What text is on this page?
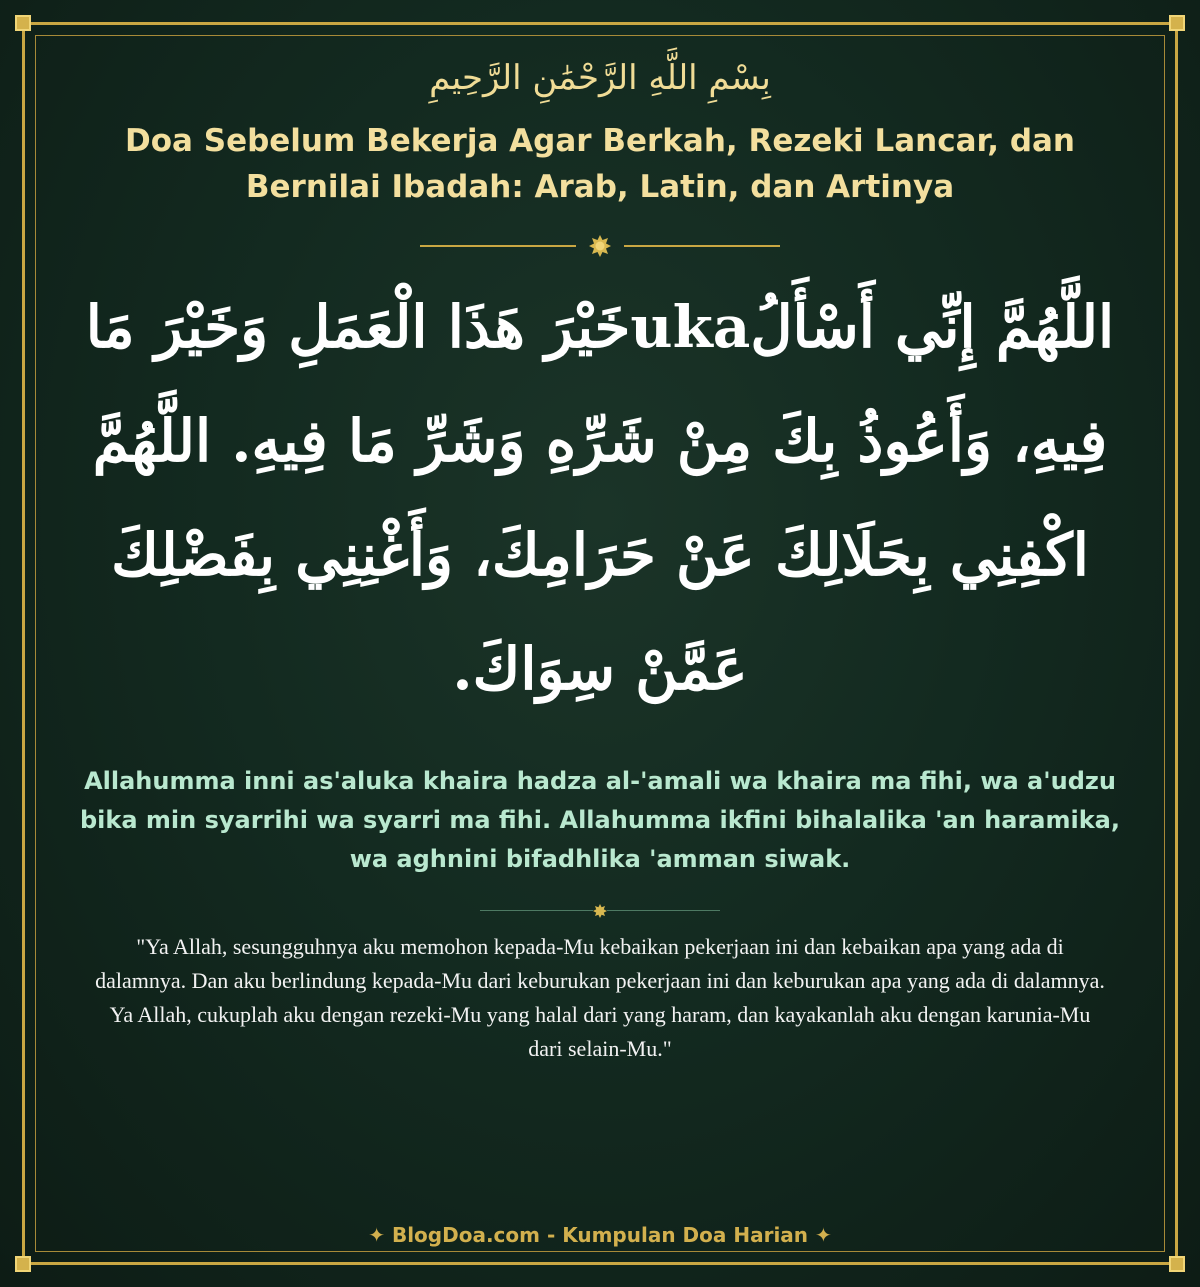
بِسْمِ اللَّهِ الرَّحْمَٰنِ الرَّحِيمِ
Doa Sebelum Bekerja Agar Berkah, Rezeki Lancar, dan Bernilai Ibadah: Arab, Latin, dan Artinya
اللَّهُمَّ إِنِّي أَسْأَلُukaخَيْرَ هَذَا الْعَمَلِ وَخَيْرَ مَا فِيهِ، وَأَعُوذُ بِكَ مِنْ شَرِّهِ وَشَرِّ مَا فِيهِ. اللَّهُمَّ اكْفِنِي بِحَلَالِكَ عَنْ حَرَامِكَ، وَأَغْنِنِي بِفَضْلِكَ عَمَّنْ سِوَاكَ.
Allahumma inni as'aluka khaira hadza al-'amali wa khaira ma fihi, wa a'udzu bika min syarrihi wa syarri ma fihi. Allahumma ikfini bihalalika 'an haramika, wa aghnini bifadhlika 'amman siwak.
"Ya Allah, sesungguhnya aku memohon kepada-Mu kebaikan pekerjaan ini dan kebaikan apa yang ada di dalamnya. Dan aku berlindung kepada-Mu dari keburukan pekerjaan ini dan keburukan apa yang ada di dalamnya. Ya Allah, cukuplah aku dengan rezeki-Mu yang halal dari yang haram, dan kayakanlah aku dengan karunia-Mu dari selain-Mu."
✦ BlogDoa.com - Kumpulan Doa Harian ✦
